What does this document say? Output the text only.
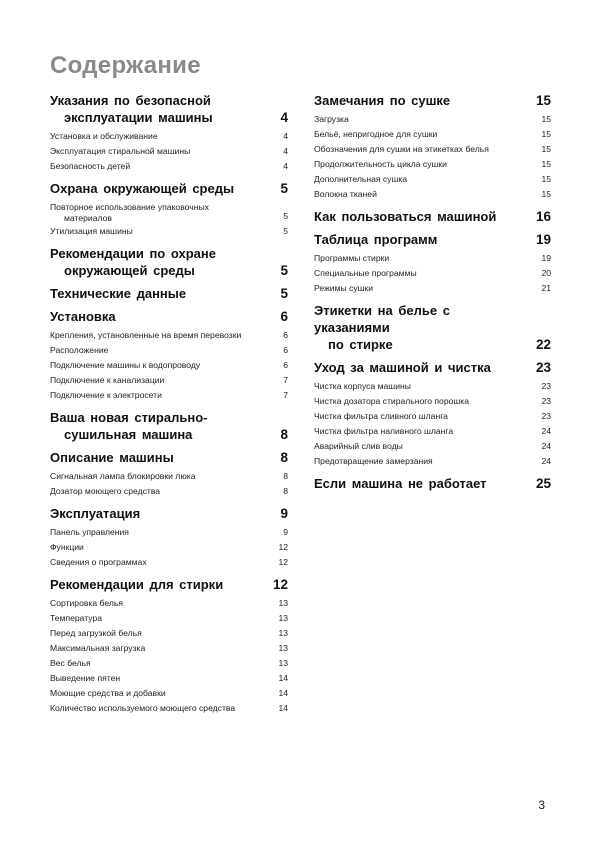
Содержание
Указания по безопасной
эксплуатации машины	4
Установка и обслуживание	4
Эксплуатация стиральной машины	4
Безопасность детей	4
Охрана окружающей среды	5
Повторное использование упаковочных
материалов	5
Утилизация машины	5
Рекомендации по охране
окружающей среды	5
Технические данные	5
Установка	6
Крепления, установленные на время перевозки	6
Расположение	6
Подключение машины к водопроводу	6
Подключение к канализации	7
Подключение к электросети	7
Ваша новая стирально-
сушильная машина	8
Описание машины	8
Сигнальная лампа блокировки люка	8
Дозатор моющего средства	8
Эксплуатация	9
Панель управления	9
Функции	12
Сведения о программах	12
Рекомендации для стирки	12
Сортировка белья	13
Температура	13
Перед загрузкой белья	13
Максимальная загрузка	13
Вес белья	13
Выведение пятен	14
Моющие средства и добавки	14
Количество используемого моющего средства	14
Замечания по сушке	15
Загрузка	15
Бельё, непригодное для сушки	15
Обозначения для сушки на этикетках белья	15
Продолжительность цикла сушки	15
Дополнительная сушка	15
Волокна тканей	15
Как пользоваться машиной	16
Таблица программ	19
Программы стирки	19
Специальные программы	20
Режимы сушки	21
Этикетки на белье с указаниями
по стирке	22
Уход за машиной и чистка	23
Чистка корпуса машины	23
Чистка дозатора стирального порошка	23
Чистка фильтра сливного шланга	23
Чистка фильтра наливного шланга	24
Аварийный слив воды	24
Предотвращение замерзания	24
Если машина не работает	25
3
